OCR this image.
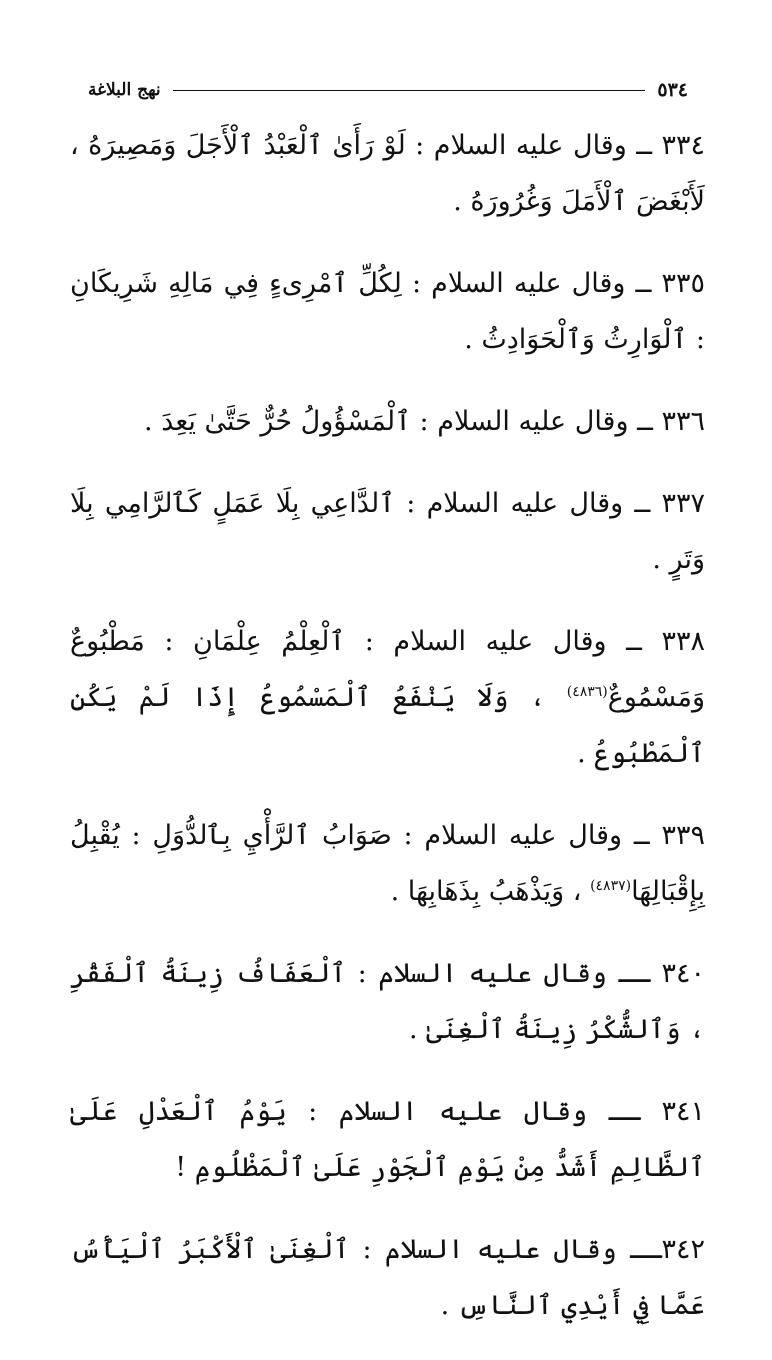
٥٣٤
نهج البلاغة

٣٣٤ ــ وقال عليه السلام : لَوْ رَأَىٰ ٱلْعَبْدُ ٱلْأَجَلَ وَمَصِيرَهُ ، لَأَبْغَضَ ٱلْأَمَلَ وَغُرُورَهُ .

٣٣٥ ــ وقال عليه السلام : لِكُلِّ ٱمْرِىءٍ فِي مَالِهِ شَرِيكَانِ : ٱلْوَارِثُ وَٱلْحَوَادِثُ .

٣٣٦ ــ وقال عليه السلام : ٱلْمَسْؤُولُ حُرٌّ حَتَّىٰ يَعِدَ .

٣٣٧ ــ وقال عليه السلام : ٱلدَّاعِي بِلَا عَمَلٍ كَٱلرَّامِي بِلَا وَتَرٍ .

٣٣٨ ــ وقال عليه السلام : ٱلْعِلْمُ عِلْمَانِ : مَطْبُوعٌ وَمَسْمُوعٌ$^{(٤٨٣٦)}$ ، وَلَا يَنْفَعُ ٱلْمَسْمُوعُ إِذَا لَمْ يَكُنِ ٱلْمَطْبُوعُ .

٣٣٩ ــ وقال عليه السلام : صَوَابُ ٱلرَّأْيِ بِٱلدُّوَلِ : يُقْبِلُ بِإِقْبَالِهَا$^{(٤٨٣٧)}$ ، وَيَذْهَبُ بِذَهَابِهَا .

٣٤٠ ــ وقال عليه السلام : ٱلْعَفَافُ زِينَةُ ٱلْفَقْرِ ، وَٱلشُّكْرُ زِينَةُ ٱلْغِنَىٰ .

٣٤١ ــ وقال عليه السلام : يَوْمُ ٱلْعَدْلِ عَلَىٰ ٱلظَّالِمِ أَشَدُّ مِنْ يَوْمِ ٱلْجَوْرِ عَلَىٰ ٱلْمَظْلُومِ !

٣٤٢ــ وقال عليه السلام : ٱلْغِنَىٰ ٱلْأَكْبَرُ ٱلْيَأْسُ عَمَّا فِي أَيْدِي ٱلنَّاسِ .
